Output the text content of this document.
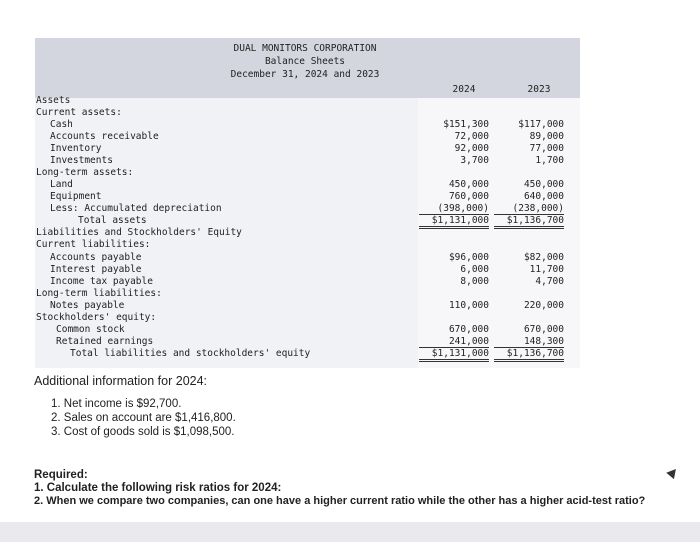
DUAL MONITORS CORPORATION
Balance Sheets
December 31, 2024 and 2023
2024	2023
Assets
Current assets:
Cash	$151,300	$117,000
Accounts receivable	72,000	89,000
Inventory	92,000	77,000
Investments	3,700	1,700
Long-term assets:
Land	450,000	450,000
Equipment	760,000	640,000
Less: Accumulated depreciation	(398,000)	(238,000)
Total assets	$1,131,000	$1,136,700
Liabilities and Stockholders' Equity
Current liabilities:
Accounts payable	$96,000	$82,000
Interest payable	6,000	11,700
Income tax payable	8,000	4,700
Long-term liabilities:
Notes payable	110,000	220,000
Stockholders' equity:
Common stock	670,000	670,000
Retained earnings	241,000	148,300
Total liabilities and stockholders' equity	$1,131,000	$1,136,700
Additional information for 2024:
1. Net income is $92,700.
2. Sales on account are $1,416,800.
3. Cost of goods sold is $1,098,500.
Required:
1. Calculate the following risk ratios for 2024:
2. When we compare two companies, can one have a higher current ratio while the other has a higher acid-test ratio?
